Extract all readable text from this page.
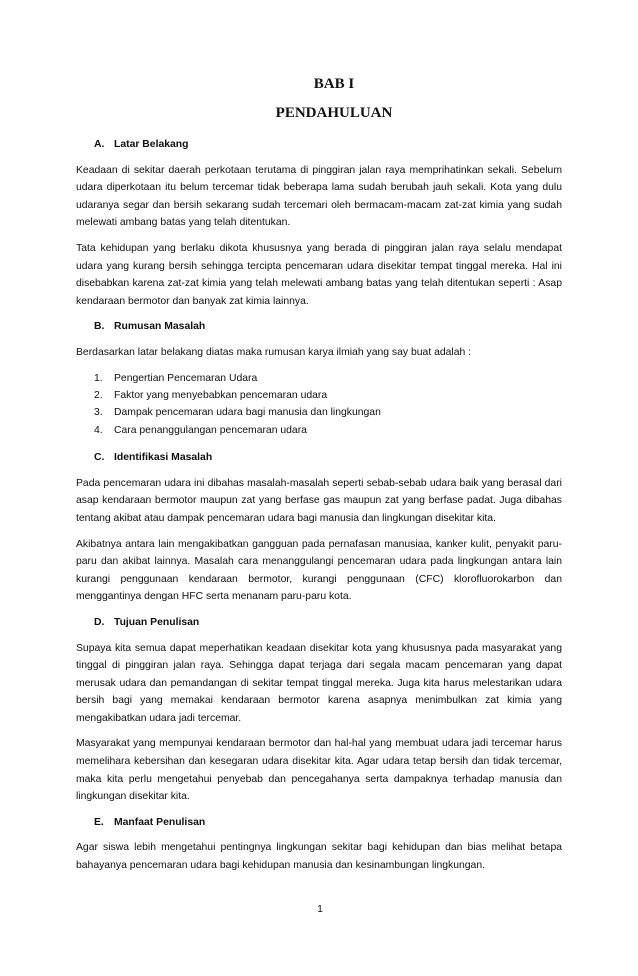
BAB I
PENDAHULUAN
A. Latar Belakang

Keadaan di sekitar daerah perkotaan terutama di pinggiran jalan raya memprihatinkan sekali. Sebelum udara diperkotaan itu belum tercemar tidak beberapa lama sudah berubah jauh sekali. Kota yang dulu udaranya segar dan bersih sekarang sudah tercemari oleh bermacam-macam zat-zat kimia yang sudah melewati ambang batas yang telah ditentukan.

Tata kehidupan yang berlaku dikota khususnya yang berada di pinggiran jalan raya selalu mendapat udara yang kurang bersih sehingga tercipta pencemaran udara disekitar tempat tinggal mereka. Hal ini disebabkan karena zat-zat kimia yang telah melewati ambang batas yang telah ditentukan seperti : Asap kendaraan bermotor dan banyak zat kimia lainnya.

B. Rumusan Masalah

Berdasarkan latar belakang diatas maka rumusan karya ilmiah yang say buat adalah :

1.	Pengertian Pencemaran Udara
2.	Faktor yang menyebabkan pencemaran udara
3.	Dampak pencemaran udara bagi manusia dan lingkungan
4.	Cara penanggulangan pencemaran udara
C. Identifikasi Masalah

Pada pencemaran udara ini dibahas masalah-masalah seperti sebab-sebab udara baik yang berasal dari asap kendaraan bermotor maupun zat yang berfase gas maupun zat yang berfase padat. Juga dibahas tentang akibat atau dampak pencemaran udara bagi manusia dan lingkungan disekitar kita.

Akibatnya antara lain mengakibatkan gangguan pada pernafasan manusiaa, kanker kulit, penyakit paru-paru dan akibat lainnya. Masalah cara menanggulangi pencemaran udara pada lingkungan antara lain kurangi penggunaan kendaraan bermotor, kurangi penggunaan (CFC) klorofluorokarbon dan menggantinya dengan HFC serta menanam paru-paru kota.

D. Tujuan Penulisan

Supaya kita semua dapat meperhatikan keadaan disekitar kota yang khususnya pada masyarakat yang tinggal di pinggiran jalan raya. Sehingga dapat terjaga dari segala macam pencemaran yang dapat merusak udara dan pemandangan di sekitar tempat tinggal mereka. Juga kita harus melestarikan udara bersih bagi yang memakai kendaraan bermotor karena asapnya menimbulkan zat kimia yang mengakibatkan udara jadi tercemar.

Masyarakat yang mempunyai kendaraan bermotor dan hal-hal yang membuat udara jadi tercemar harus memelihara kebersihan dan kesegaran udara disekitar kita. Agar udara tetap bersih dan tidak tercemar, maka kita perlu mengetahui penyebab dan pencegahanya serta dampaknya terhadap manusia dan lingkungan disekitar kita.

E. Manfaat Penulisan

Agar siswa lebih mengetahui pentingnya lingkungan sekitar bagi kehidupan dan bias melihat betapa bahayanya pencemaran udara bagi kehidupan manusia dan kesinambungan lingkungan.

1
